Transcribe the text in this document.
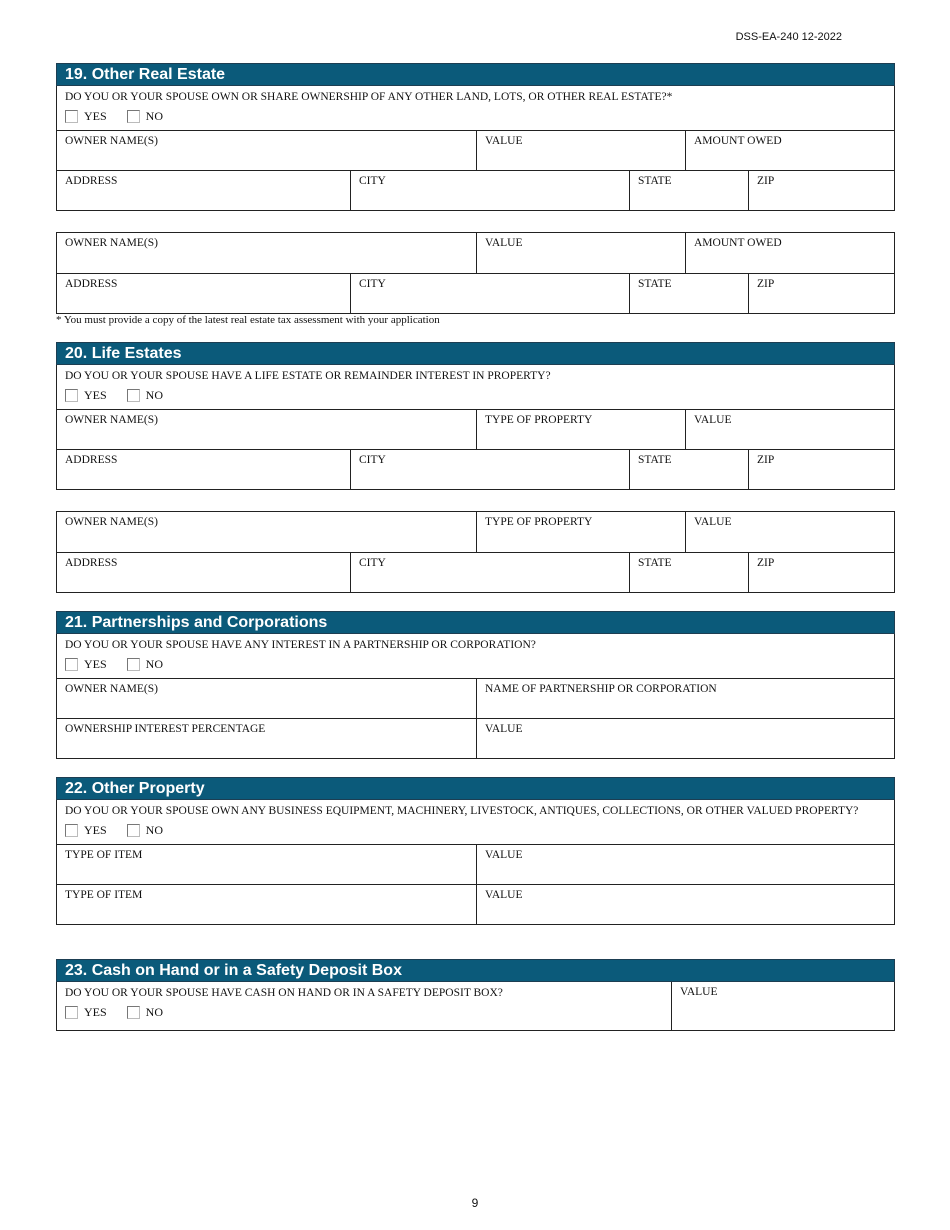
DSS-EA-240 12-2022
19. Other Real Estate
DO YOU OR YOUR SPOUSE OWN OR SHARE OWNERSHIP OF ANY OTHER LAND, LOTS, OR OTHER REAL ESTATE?*
YES	NO
OWNER NAME(S)	VALUE	AMOUNT OWED
ADDRESS	CITY	STATE	ZIP
OWNER NAME(S)	VALUE	AMOUNT OWED
ADDRESS	CITY	STATE	ZIP
* You must provide a copy of the latest real estate tax assessment with your application
20. Life Estates
DO YOU OR YOUR SPOUSE HAVE A LIFE ESTATE OR REMAINDER INTEREST IN PROPERTY?
YES	NO
OWNER NAME(S)	TYPE OF PROPERTY	VALUE
ADDRESS	CITY	STATE	ZIP
OWNER NAME(S)	TYPE OF PROPERTY	VALUE
ADDRESS	CITY	STATE	ZIP
21. Partnerships and Corporations
DO YOU OR YOUR SPOUSE HAVE ANY INTEREST IN A PARTNERSHIP OR CORPORATION?
YES	NO
OWNER NAME(S)	NAME OF PARTNERSHIP OR CORPORATION
OWNERSHIP INTEREST PERCENTAGE	VALUE
22. Other Property
DO YOU OR YOUR SPOUSE OWN ANY BUSINESS EQUIPMENT, MACHINERY, LIVESTOCK, ANTIQUES, COLLECTIONS, OR OTHER VALUED PROPERTY?
YES	NO
TYPE OF ITEM	VALUE
TYPE OF ITEM	VALUE
23. Cash on Hand or in a Safety Deposit Box
DO YOU OR YOUR SPOUSE HAVE CASH ON HAND OR IN A SAFETY DEPOSIT BOX?
YES	NO
VALUE
9
